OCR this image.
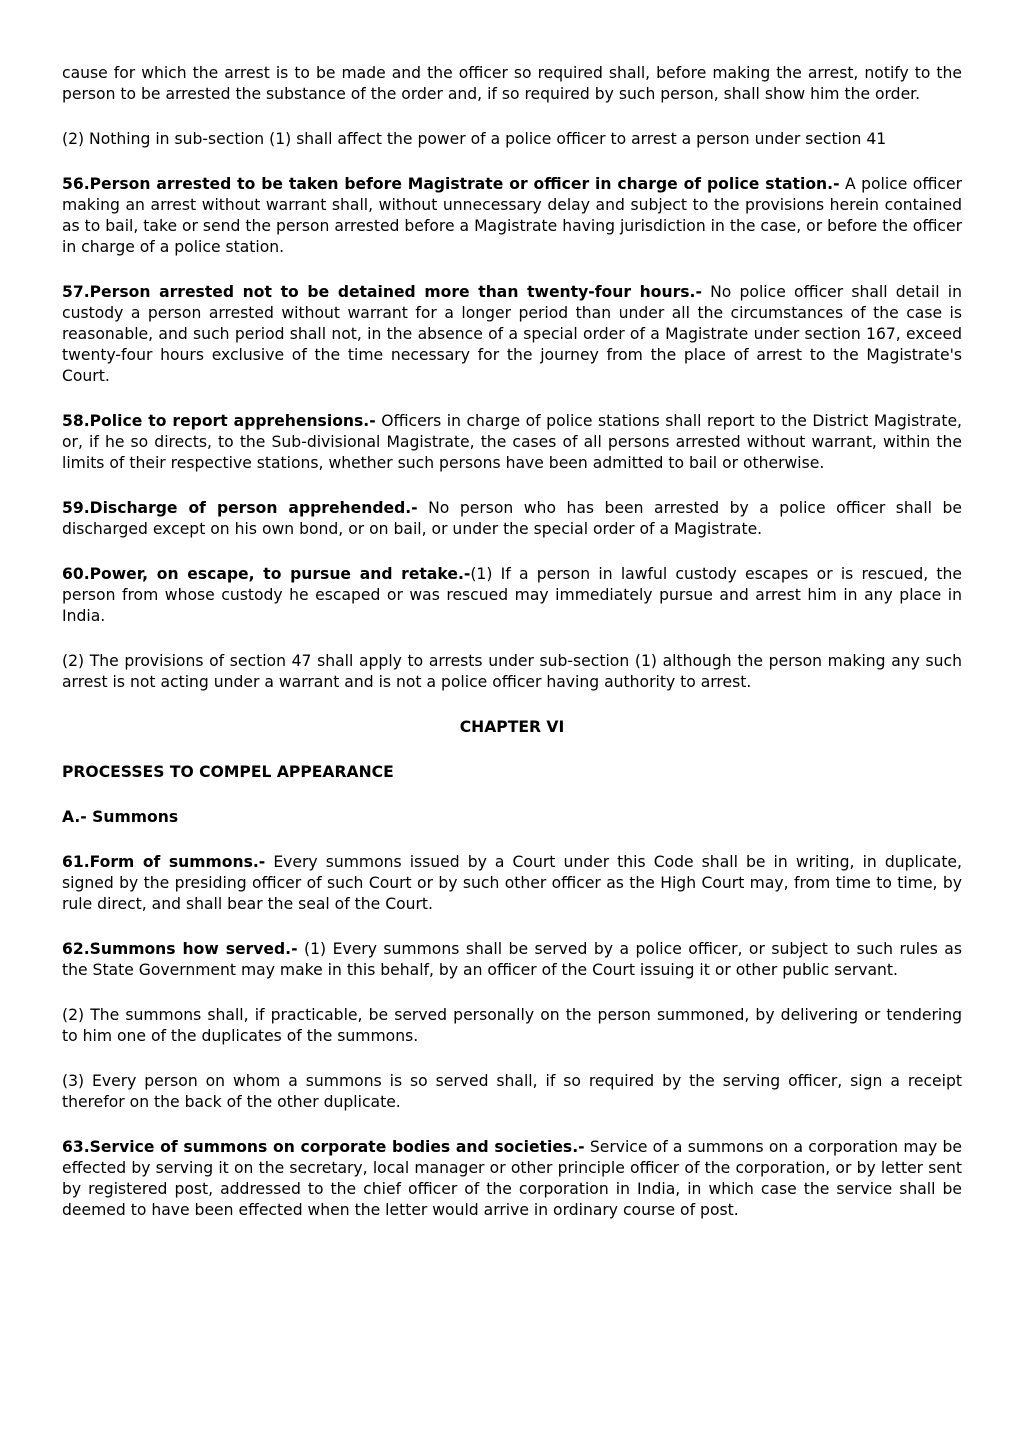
cause for which the arrest is to be made and the officer so required shall, before making the arrest, notify to the person to be arrested the substance of the order and, if so required by such person, shall show him the order.

(2) Nothing in sub-section (1) shall affect the power of a police officer to arrest a person under section 41

56.Person arrested to be taken before Magistrate or officer in charge of police station.- A police officer making an arrest without warrant shall, without unnecessary delay and subject to the provisions herein contained as to bail, take or send the person arrested before a Magistrate having jurisdiction in the case, or before the officer in charge of a police station.

57.Person arrested not to be detained more than twenty-four hours.- No police officer shall detail in custody a person arrested without warrant for a longer period than under all the circumstances of the case is reasonable, and such period shall not, in the absence of a special order of a Magistrate under section 167, exceed twenty-four hours exclusive of the time necessary for the journey from the place of arrest to the Magistrate's Court.

58.Police to report apprehensions.- Officers in charge of police stations shall report to the District Magistrate, or, if he so directs, to the Sub-divisional Magistrate, the cases of all persons arrested without warrant, within the limits of their respective stations, whether such persons have been admitted to bail or otherwise.

59.Discharge of person apprehended.- No person who has been arrested by a police officer shall be discharged except on his own bond, or on bail, or under the special order of a Magistrate.

60.Power, on escape, to pursue and retake.-(1) If a person in lawful custody escapes or is rescued, the person from whose custody he escaped or was rescued may immediately pursue and arrest him in any place in India.

(2) The provisions of section 47 shall apply to arrests under sub-section (1) although the person making any such arrest is not acting under a warrant and is not a police officer having authority to arrest.

CHAPTER VI
PROCESSES TO COMPEL APPEARANCE
A.- Summons

61.Form of summons.- Every summons issued by a Court under this Code shall be in writing, in duplicate, signed by the presiding officer of such Court or by such other officer as the High Court may, from time to time, by rule direct, and shall bear the seal of the Court.

62.Summons how served.- (1) Every summons shall be served by a police officer, or subject to such rules as the State Government may make in this behalf, by an officer of the Court issuing it or other public servant.

(2) The summons shall, if practicable, be served personally on the person summoned, by delivering or tendering to him one of the duplicates of the summons.

(3) Every person on whom a summons is so served shall, if so required by the serving officer, sign a receipt therefor on the back of the other duplicate.

63.Service of summons on corporate bodies and societies.- Service of a summons on a corporation may be effected by serving it on the secretary, local manager or other principle officer of the corporation, or by letter sent by registered post, addressed to the chief officer of the corporation in India, in which case the service shall be deemed to have been effected when the letter would arrive in ordinary course of post.
